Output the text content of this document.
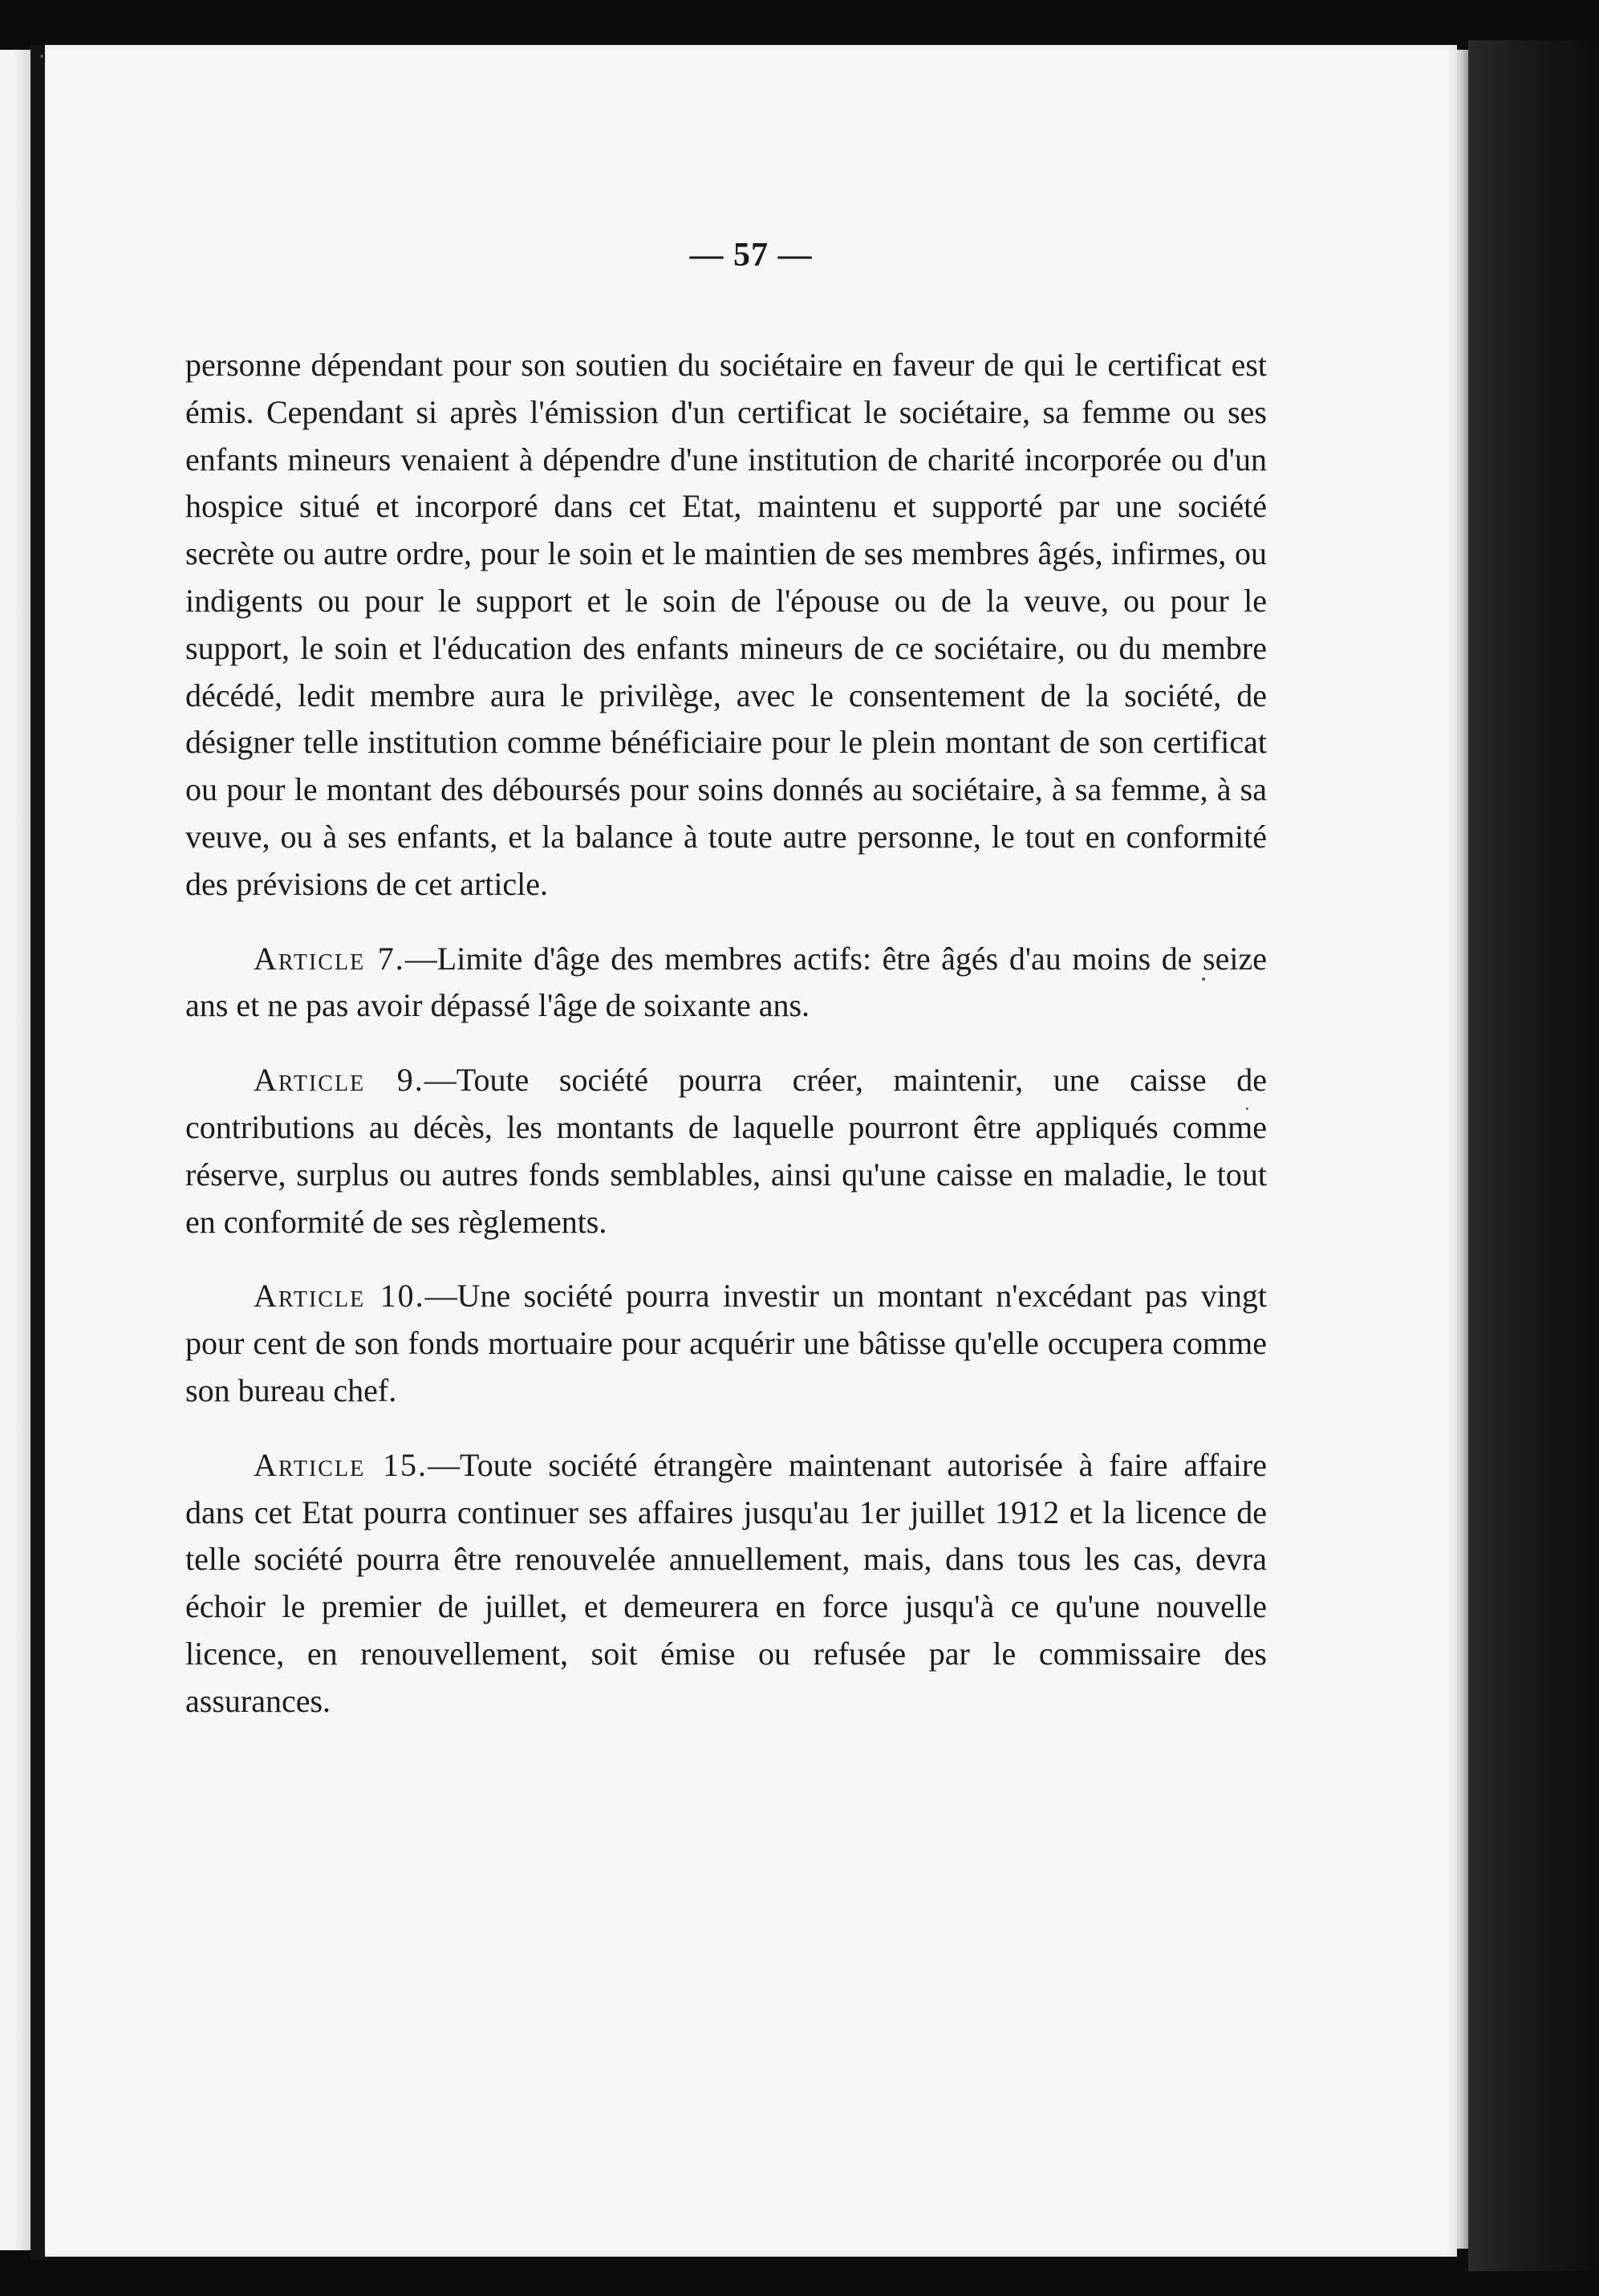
— 57 —

personne dépendant pour son soutien du sociétaire en faveur de qui le certificat est émis. Cependant si après l'émission d'un certificat le sociétaire, sa femme ou ses enfants mineurs venaient à dépendre d'une institution de charité incorporée ou d'un hospice situé et incorporé dans cet Etat, maintenu et supporté par une société secrète ou autre ordre, pour le soin et le maintien de ses membres âgés, infirmes, ou indigents ou pour le support et le soin de l'épouse ou de la veuve, ou pour le support, le soin et l'éducation des enfants mineurs de ce sociétaire, ou du membre décédé, ledit membre aura le privilège, avec le consentement de la société, de désigner telle institution comme bénéficiaire pour le plein montant de son certificat ou pour le montant des déboursés pour soins donnés au sociétaire, à sa femme, à sa veuve, ou à ses enfants, et la balance à toute autre personne, le tout en conformité des prévisions de cet article.

Article 7.—Limite d'âge des membres actifs: être âgés d'au moins de seize ans et ne pas avoir dépassé l'âge de soixante ans.

Article 9.—Toute société pourra créer, maintenir, une caisse de contributions au décès, les montants de laquelle pourront être appliqués comme réserve, surplus ou autres fonds semblables, ainsi qu'une caisse en maladie, le tout en conformité de ses règlements.

Article 10.—Une société pourra investir un montant n'excédant pas vingt pour cent de son fonds mortuaire pour acquérir une bâtisse qu'elle occupera comme son bureau chef.

Article 15.—Toute société étrangère maintenant autorisée à faire affaire dans cet Etat pourra continuer ses affaires jusqu'au 1er juillet 1912 et la licence de telle société pourra être renouvelée annuellement, mais, dans tous les cas, devra échoir le premier de juillet, et demeurera en force jusqu'à ce qu'une nouvelle licence, en renouvellement, soit émise ou refusée par le commissaire des assurances.
